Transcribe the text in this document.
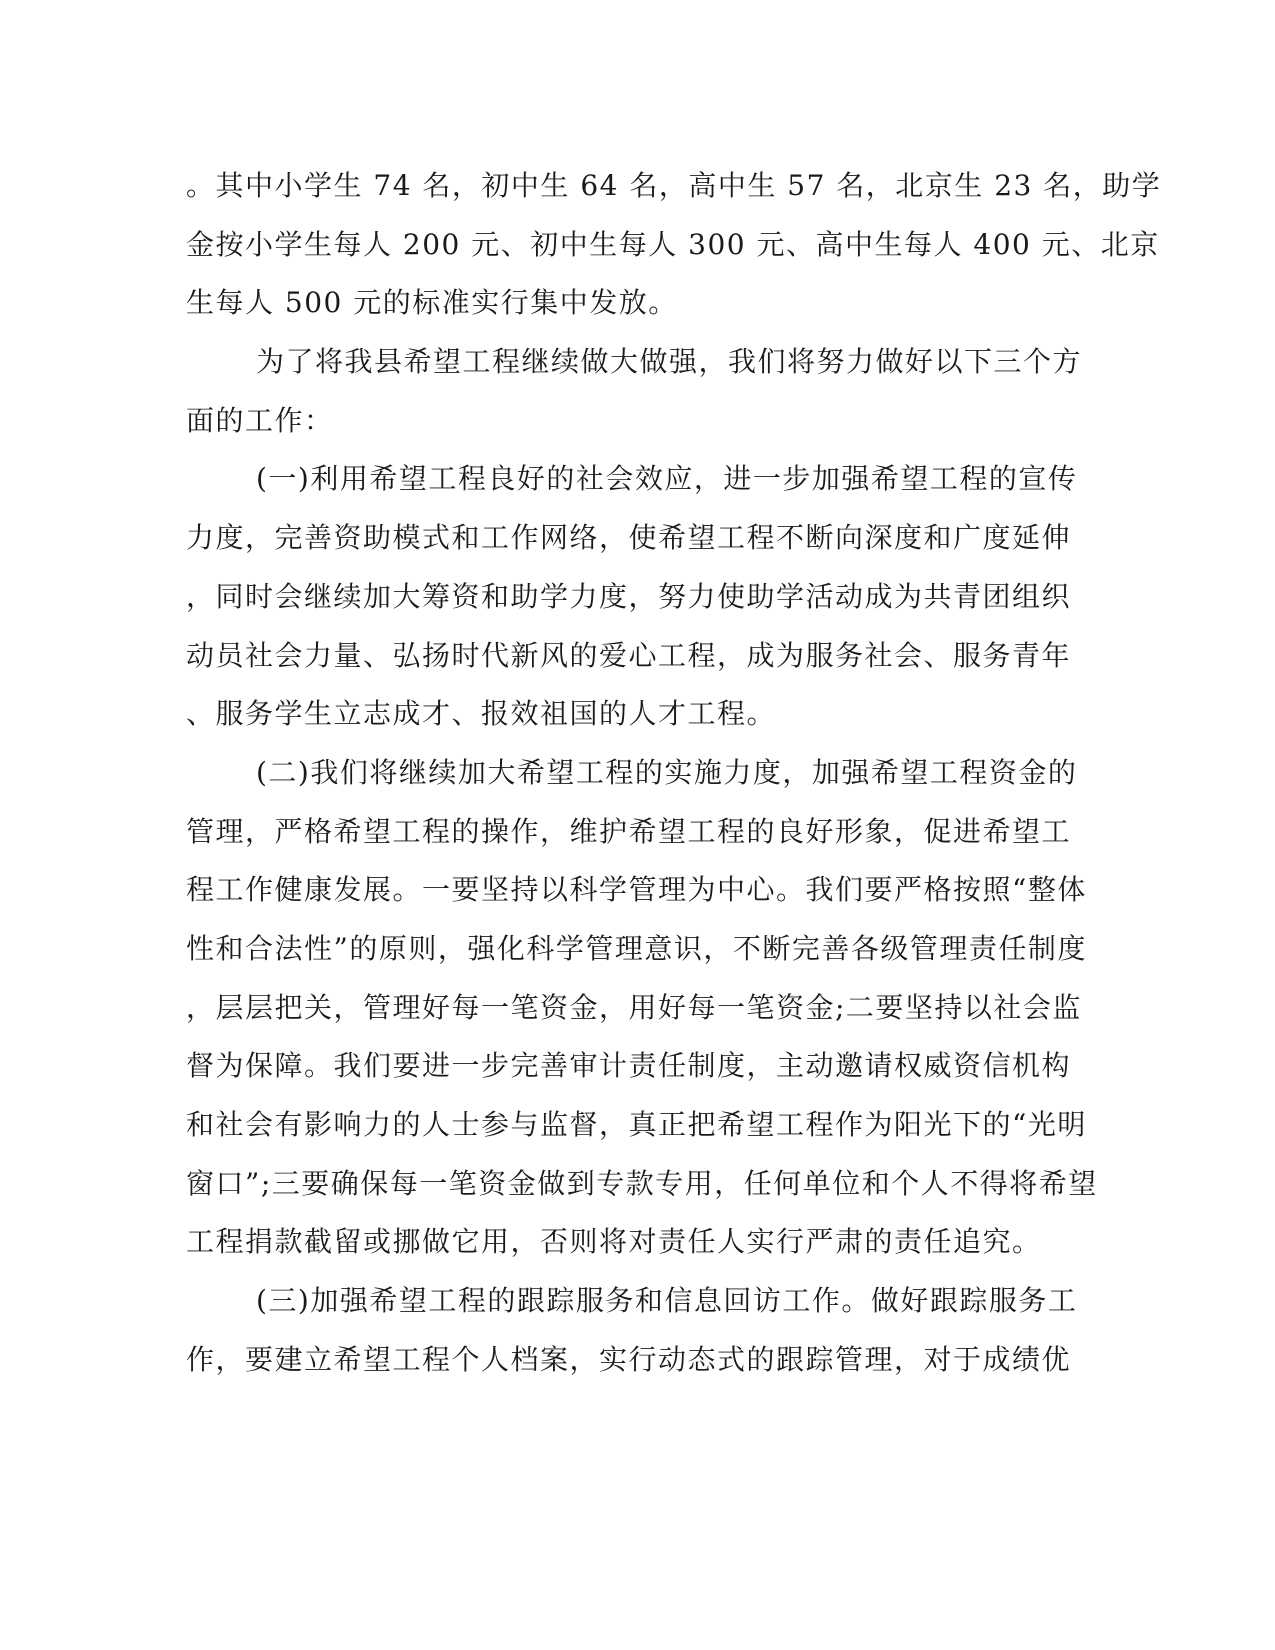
。其中小学生 74 名，初中生 64 名，高中生 57 名，北京生 23 名，助学
金按小学生每人 200 元、初中生每人 300 元、高中生每人 400 元、北京
生每人 500 元的标准实行集中发放。
为了将我县希望工程继续做大做强，我们将努力做好以下三个方
面的工作：
(一)利用希望工程良好的社会效应，进一步加强希望工程的宣传
力度，完善资助模式和工作网络，使希望工程不断向深度和广度延伸
，同时会继续加大筹资和助学力度，努力使助学活动成为共青团组织
动员社会力量、弘扬时代新风的爱心工程，成为服务社会、服务青年
、服务学生立志成才、报效祖国的人才工程。
(二)我们将继续加大希望工程的实施力度，加强希望工程资金的
管理，严格希望工程的操作，维护希望工程的良好形象，促进希望工
程工作健康发展。一要坚持以科学管理为中心。我们要严格按照“整体
性和合法性”的原则，强化科学管理意识，不断完善各级管理责任制度
，层层把关，管理好每一笔资金，用好每一笔资金;二要坚持以社会监
督为保障。我们要进一步完善审计责任制度，主动邀请权威资信机构
和社会有影响力的人士参与监督，真正把希望工程作为阳光下的“光明
窗口”;三要确保每一笔资金做到专款专用，任何单位和个人不得将希望
工程捐款截留或挪做它用，否则将对责任人实行严肃的责任追究。
(三)加强希望工程的跟踪服务和信息回访工作。做好跟踪服务工
作，要建立希望工程个人档案，实行动态式的跟踪管理，对于成绩优
